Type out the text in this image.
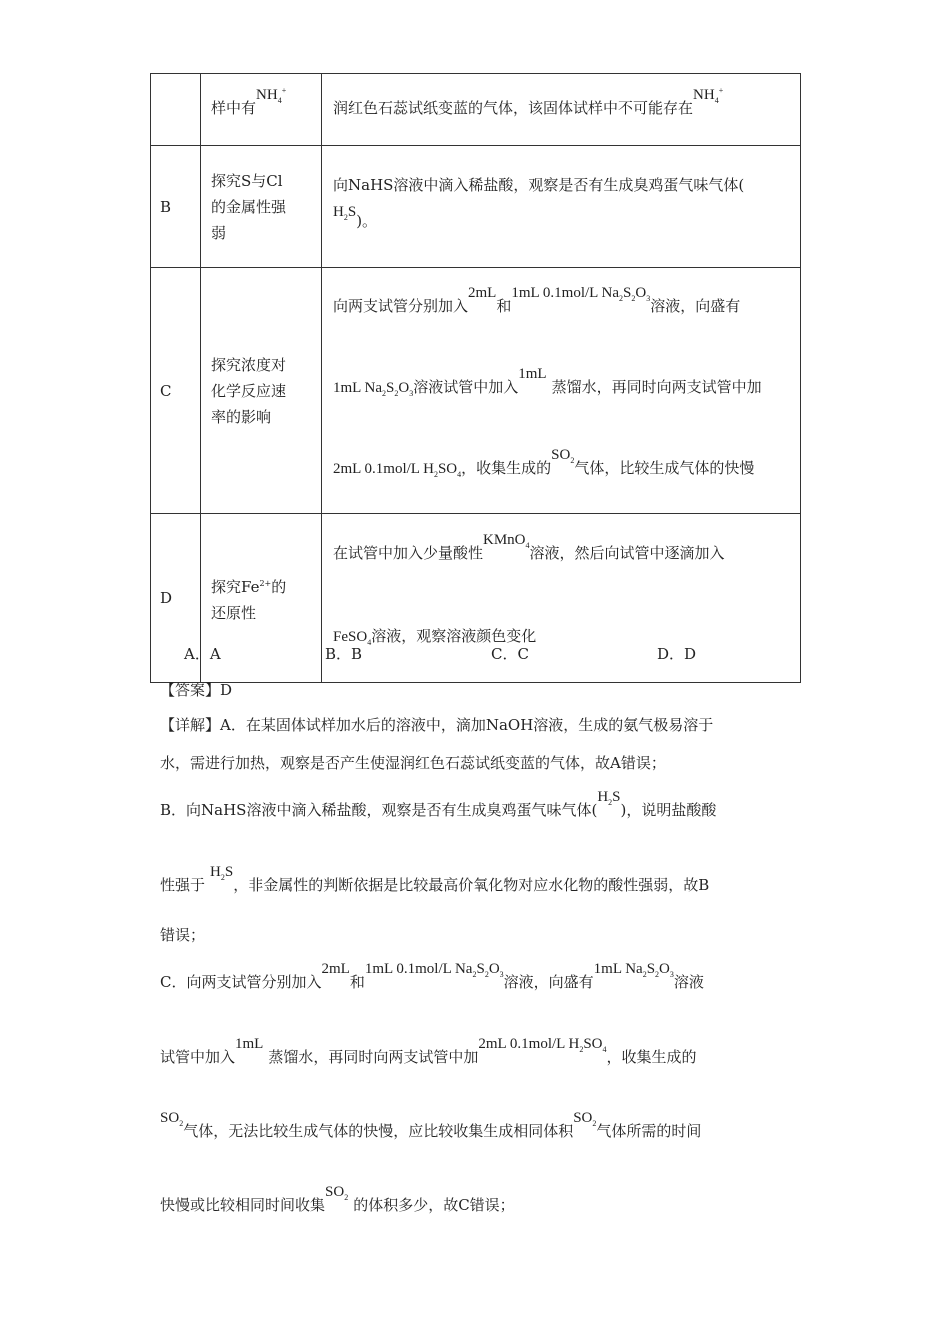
	样中有$NH_4^+$	润红色石蕊试纸变蓝的气体，该固体试样中不可能存在$NH_4^+$
B	探究S与Cl
的金属性强
弱	向NaHS溶液中滴入稀盐酸，观察是否有生成臭鸡蛋气味气体(
$H_2S$)。

C	探究浓度对
化学反应速
率的影响	向两支试管分别加入2mL和1mL 0.1mol/L $Na_2S_2O_3$溶液，向盛有
1mL $Na_2S_2O_3$溶液试管中加入1mL蒸馏水，再同时向两支试管中加
2mL 0.1mol/L $H_2SO_4$，收集生成的$SO_2$气体，比较生成气体的快慢

D	探究$Fe^{2+}$的
还原性	在试管中加入少量酸性KMnO$_4$溶液，然后向试管中逐滴加入
FeSO$_4$溶液，观察溶液颜色变化
A．A	B．B	C．C	D．D
【答案】D
【详解】A．在某固体试样加水后的溶液中，滴加NaOH溶液，生成的氨气极易溶于
水，需进行加热，观察是否产生使湿润红色石蕊试纸变蓝的气体，故A错误；
B．向NaHS溶液中滴入稀盐酸，观察是否有生成臭鸡蛋气味气体$(H_2S)$，说明盐酸酸
性强于$H_2S$，非金属性的判断依据是比较最高价氧化物对应水化物的酸性强弱，故B
错误；
C．向两支试管分别加入2mL和1mL 0.1mol/L $Na_2S_2O_3$溶液，向盛有1mL $Na_2S_2O_3$溶液
试管中加入1mL蒸馏水，再同时向两支试管中加2mL 0.1mol/L $H_2SO_4$，收集生成的
$SO_2$气体，无法比较生成气体的快慢，应比较收集生成相同体积$SO_2$气体所需的时间
快慢或比较相同时间收集$SO_2$ 的体积多少，故C错误；
